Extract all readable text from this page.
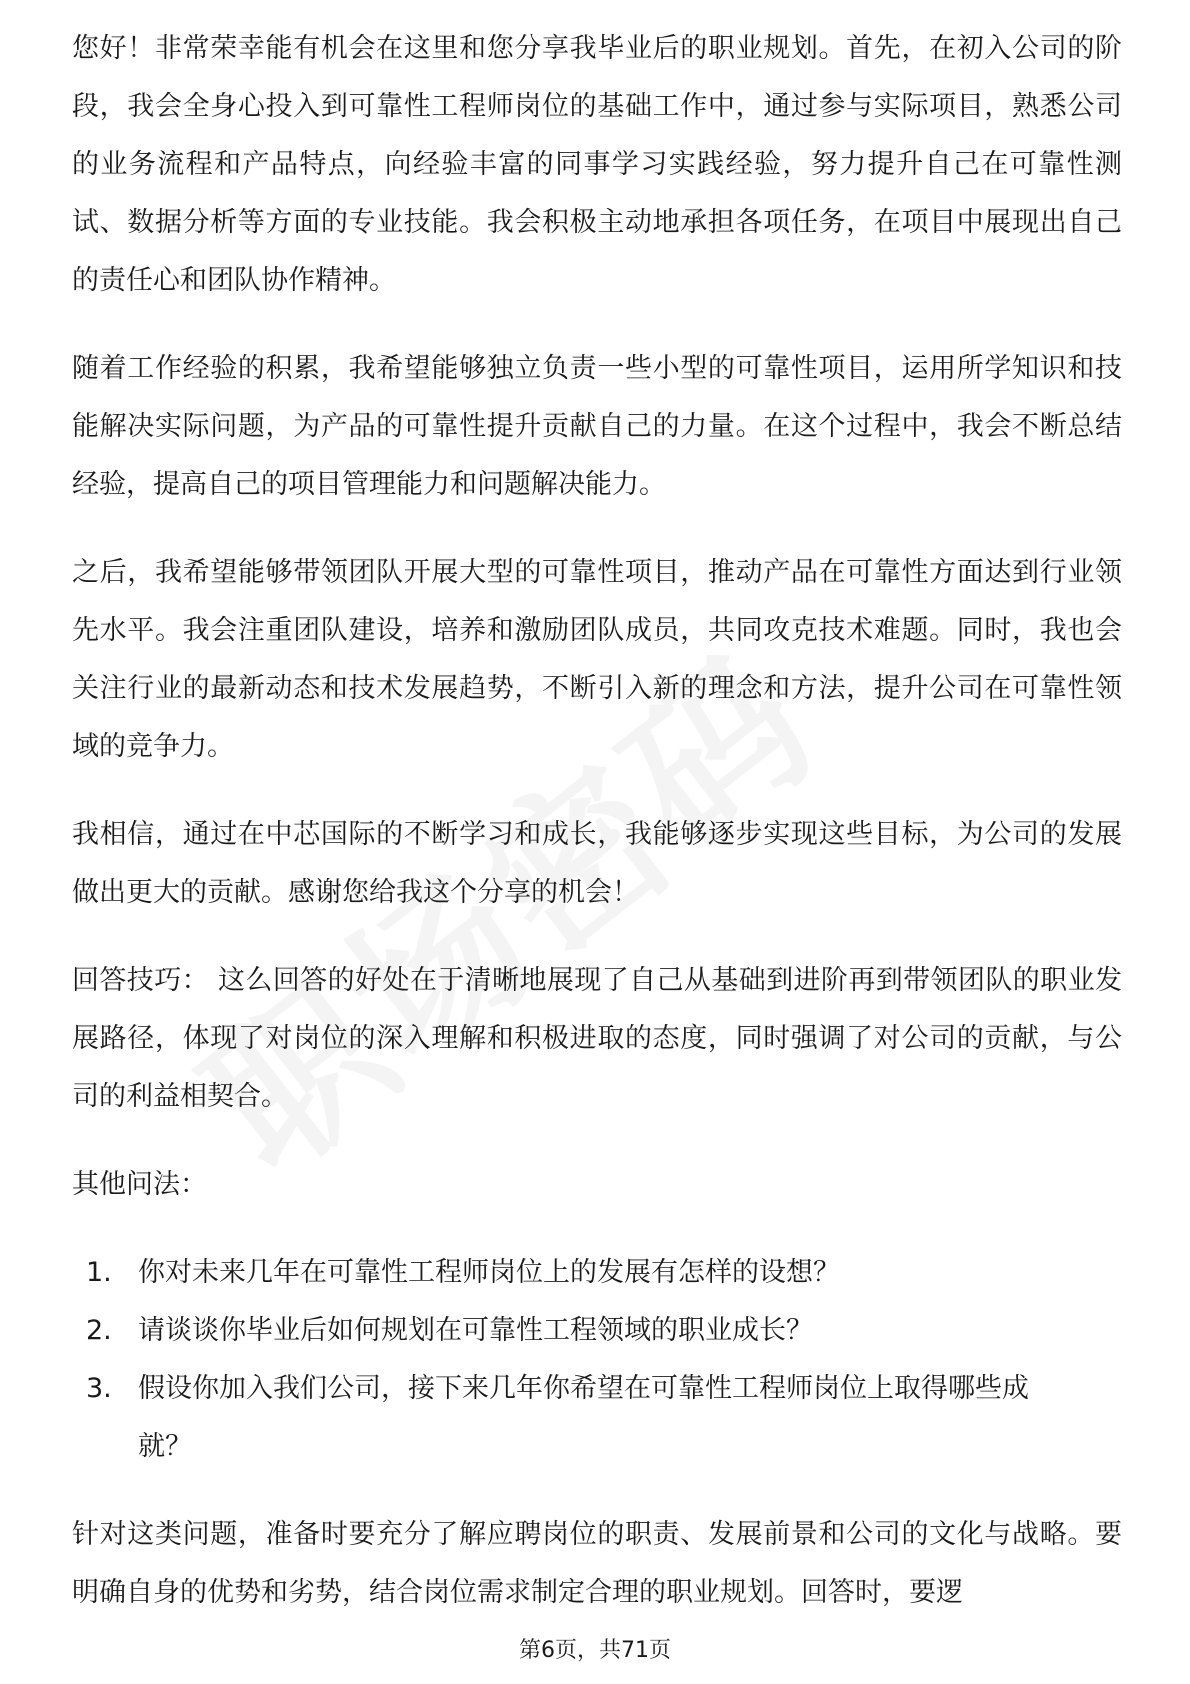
您好！非常荣幸能有机会在这里和您分享我毕业后的职业规划。首先，在初入公司的阶段，我会全身心投入到可靠性工程师岗位的基础工作中，通过参与实际项目，熟悉公司的业务流程和产品特点，向经验丰富的同事学习实践经验，努力提升自己在可靠性测试、数据分析等方面的专业技能。我会积极主动地承担各项任务，在项目中展现出自己的责任心和团队协作精神。

随着工作经验的积累，我希望能够独立负责一些小型的可靠性项目，运用所学知识和技能解决实际问题，为产品的可靠性提升贡献自己的力量。在这个过程中，我会不断总结经验，提高自己的项目管理能力和问题解决能力。

之后，我希望能够带领团队开展大型的可靠性项目，推动产品在可靠性方面达到行业领先水平。我会注重团队建设，培养和激励团队成员，共同攻克技术难题。同时，我也会关注行业的最新动态和技术发展趋势，不断引入新的理念和方法，提升公司在可靠性领域的竞争力。

我相信，通过在中芯国际的不断学习和成长，我能够逐步实现这些目标，为公司的发展做出更大的贡献。感谢您给我这个分享的机会！

回答技巧： 这么回答的好处在于清晰地展现了自己从基础到进阶再到带领团队的职业发展路径，体现了对岗位的深入理解和积极进取的态度，同时强调了对公司的贡献，与公司的利益相契合。

其他问法：

1. 你对未来几年在可靠性工程师岗位上的发展有怎样的设想？
2. 请谈谈你毕业后如何规划在可靠性工程领域的职业成长？
3. 假设你加入我们公司，接下来几年你希望在可靠性工程师岗位上取得哪些成就？

针对这类问题，准备时要充分了解应聘岗位的职责、发展前景和公司的文化与战略。要明确自身的优势和劣势，结合岗位需求制定合理的职业规划。回答时，要逻

第6页，共71页
